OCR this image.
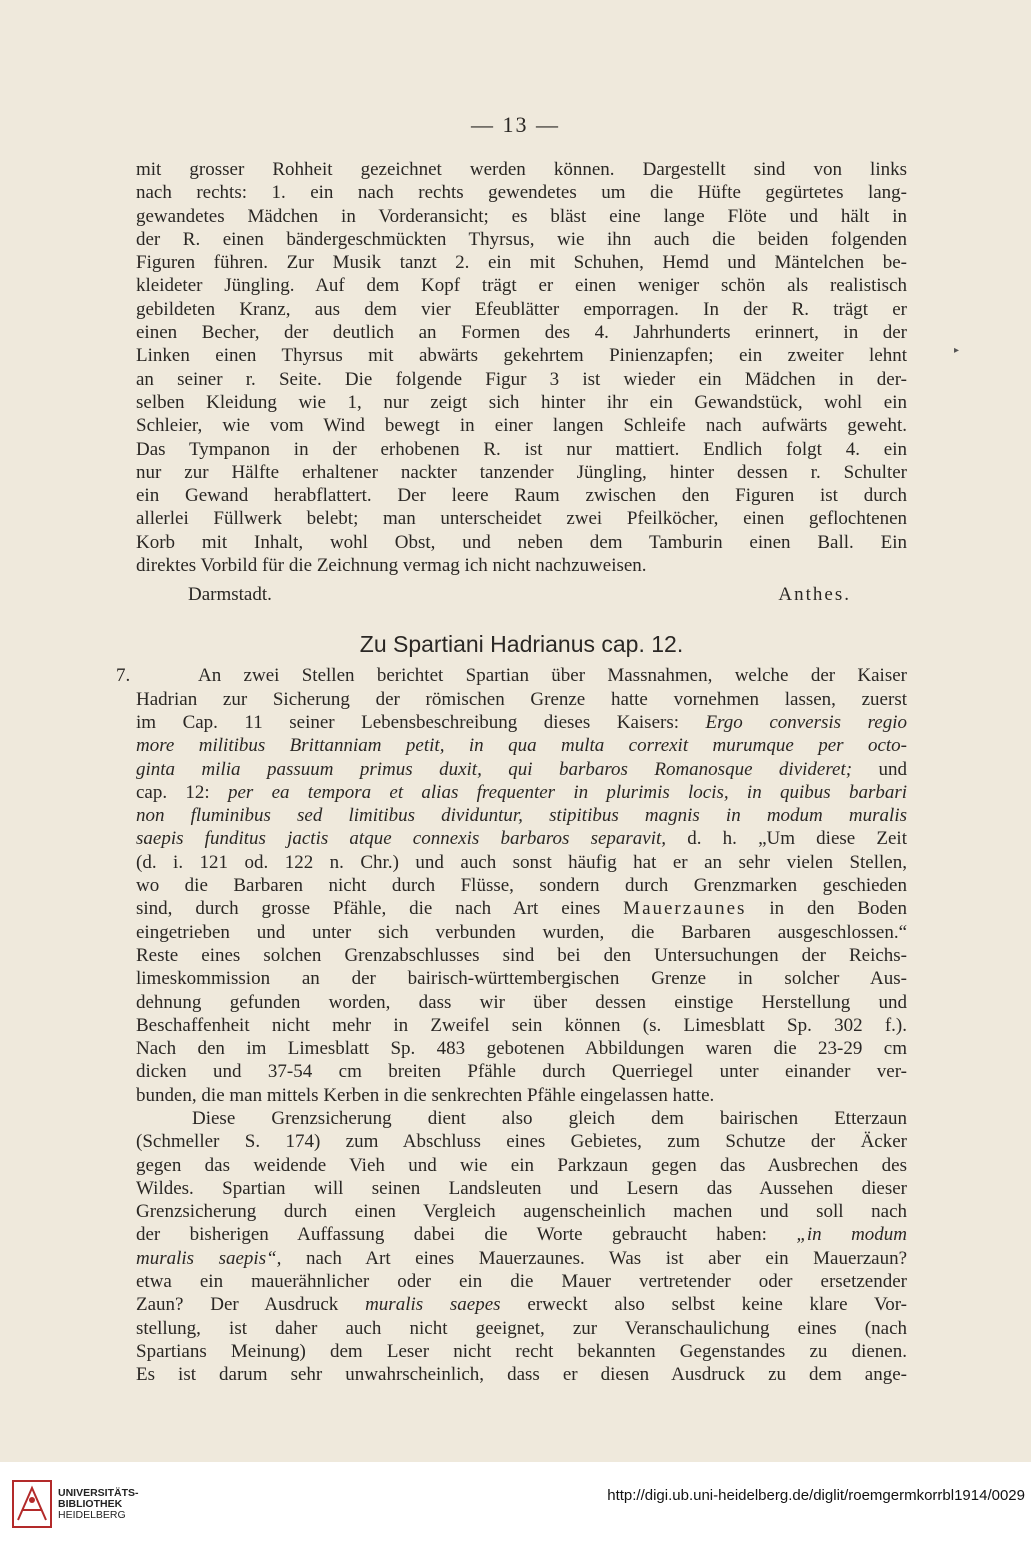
— 13 —
▸
mit grosser Rohheit gezeichnet werden können. Dargestellt sind von links
nach rechts: 1. ein nach rechts gewendetes um die Hüfte gegürtetes lang-
gewandetes Mädchen in Vorderansicht; es bläst eine lange Flöte und hält in
der R. einen bändergeschmückten Thyrsus, wie ihn auch die beiden folgenden
Figuren führen. Zur Musik tanzt 2. ein mit Schuhen, Hemd und Mäntelchen be-
kleideter Jüngling. Auf dem Kopf trägt er einen weniger schön als realistisch
gebildeten Kranz, aus dem vier Efeublätter emporragen. In der R. trägt er
einen Becher, der deutlich an Formen des 4. Jahrhunderts erinnert, in der
Linken einen Thyrsus mit abwärts gekehrtem Pinienzapfen; ein zweiter lehnt
an seiner r. Seite. Die folgende Figur 3 ist wieder ein Mädchen in der-
selben Kleidung wie 1, nur zeigt sich hinter ihr ein Gewandstück, wohl ein
Schleier, wie vom Wind bewegt in einer langen Schleife nach aufwärts geweht.
Das Tympanon in der erhobenen R. ist nur mattiert. Endlich folgt 4. ein
nur zur Hälfte erhaltener nackter tanzender Jüngling, hinter dessen r. Schulter
ein Gewand herabflattert. Der leere Raum zwischen den Figuren ist durch
allerlei Füllwerk belebt; man unterscheidet zwei Pfeilköcher, einen geflochtenen
Korb mit Inhalt, wohl Obst, und neben dem Tamburin einen Ball. Ein
direktes Vorbild für die Zeichnung vermag ich nicht nachzuweisen.
Darmstadt.	Anthes.
Zu Spartiani Hadrianus cap. 12.
7.	An zwei Stellen berichtet Spartian über Massnahmen, welche der Kaiser
Hadrian zur Sicherung der römischen Grenze hatte vornehmen lassen, zuerst
im Cap. 11 seiner Lebensbeschreibung dieses Kaisers: Ergo conversis regio
more militibus Brittanniam petit, in qua multa correxit murumque per octo-
ginta milia passuum primus duxit, qui barbaros Romanosque divideret; und
cap. 12: per ea tempora et alias frequenter in plurimis locis, in quibus barbari
non fluminibus sed limitibus dividuntur, stipitibus magnis in modum muralis
saepis funditus jactis atque connexis barbaros separavit, d. h. „Um diese Zeit
(d. i. 121 od. 122 n. Chr.) und auch sonst häufig hat er an sehr vielen Stellen,
wo die Barbaren nicht durch Flüsse, sondern durch Grenzmarken geschieden
sind, durch grosse Pfähle, die nach Art eines Mauerzaunes in den Boden
eingetrieben und unter sich verbunden wurden, die Barbaren ausgeschlossen.“
Reste eines solchen Grenzabschlusses sind bei den Untersuchungen der Reichs-
limeskommission an der bairisch-württembergischen Grenze in solcher Aus-
dehnung gefunden worden, dass wir über dessen einstige Herstellung und
Beschaffenheit nicht mehr in Zweifel sein können (s. Limesblatt Sp. 302 f.).
Nach den im Limesblatt Sp. 483 gebotenen Abbildungen waren die 23-29 cm
dicken und 37-54 cm breiten Pfähle durch Querriegel unter einander ver-
bunden, die man mittels Kerben in die senkrechten Pfähle eingelassen hatte.
Diese Grenzsicherung dient also gleich dem bairischen Etterzaun
(Schmeller S. 174) zum Abschluss eines Gebietes, zum Schutze der Äcker
gegen das weidende Vieh und wie ein Parkzaun gegen das Ausbrechen des
Wildes. Spartian will seinen Landsleuten und Lesern das Aussehen dieser
Grenzsicherung durch einen Vergleich augenscheinlich machen und soll nach
der bisherigen Auffassung dabei die Worte gebraucht haben: „in modum
muralis saepis“, nach Art eines Mauerzaunes. Was ist aber ein Mauerzaun?
etwa ein mauerähnlicher oder ein die Mauer vertretender oder ersetzender
Zaun? Der Ausdruck muralis saepes erweckt also selbst keine klare Vor-
stellung, ist daher auch nicht geeignet, zur Veranschaulichung eines (nach
Spartians Meinung) dem Leser nicht recht bekannten Gegenstandes zu dienen.
Es ist darum sehr unwahrscheinlich, dass er diesen Ausdruck zu dem ange-
UNIVERSITÄTS-
BIBLIOTHEK
HEIDELBERG
http://digi.ub.uni-heidelberg.de/diglit/roemgermkorrbl1914/0029
